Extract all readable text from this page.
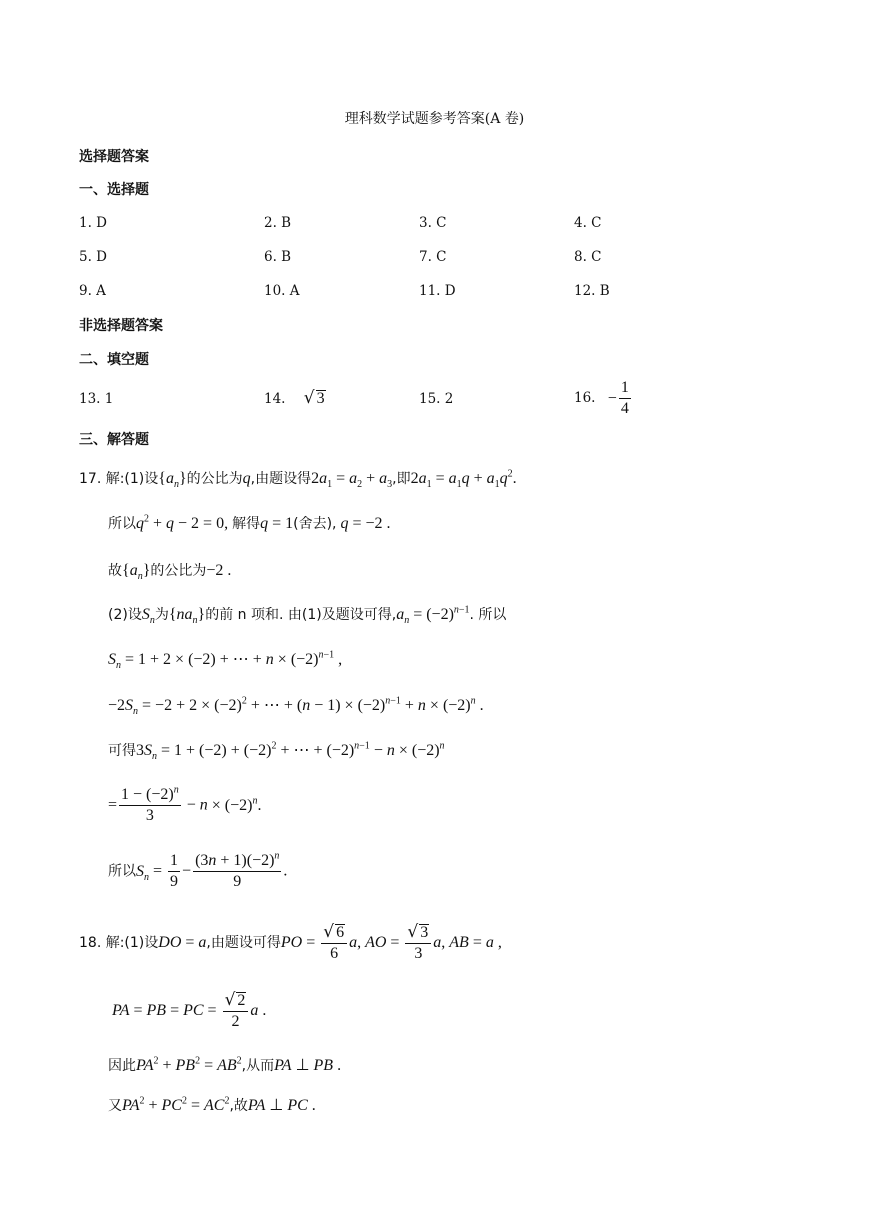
理科数学试题参考答案(A 卷)
选择题答案
一、选择题
1. D	2. B	3. C	4. C
5. D	6. B	7. C	8. C
9. A	10. A	11. D	12. B
非选择题答案
二、填空题
13. 1	14. √ 3	15. 2	16. − $\frac{1}{4}$
三、解答题
17. 解:(1)设$\{a_n\}$的公比为q,由题设得$2a_1 = a_2 + a_3$,即$2a_1 = a_1q + a_1q^2$.
所以$q^2 + q - 2 = 0$, 解得q = 1(舍去), q = −2 .
故$\{a_n\}$的公比为−2 .
(2)设$S_n$为$\{na_n\}$的前 n 项和. 由(1)及题设可得$,a_n = (-2)^{n-1}$. 所以
$S_n = 1 + 2 \times (-2)$ + ⋯ + $n \times (-2)^{n-1}$ ,
$-2S_n = -2 + 2 \times (-2)^2$ + ⋯ + $(n - 1) \times (-2)^{n-1} + n \times (-2)^n$ .
可得$3S_n = 1 + (-2) + (-2)^2$ + ⋯ + $(-2)^{n-1} - n \times (-2)^n$
= $\frac{1 - (-2)^n}{3} - n \times (-2)^n$.
所以$S_n = \frac{1}{9} - \frac{(3n + 1)(-2)^n}{9}$ .
18. 解:(1)设DO = a,由题设可得PO = $\frac{√ 6}{6} a$, AO = $\frac{√ 3}{3} a$, AB = a ,
PA = PB = PC = $\frac{√ 2}{2}$ a .
因此$PA^2 + PB^2 = AB^2$,从而PA ⊥ PB .
又$PA^2 + PC^2 = AC^2$,故PA ⊥ PC .
